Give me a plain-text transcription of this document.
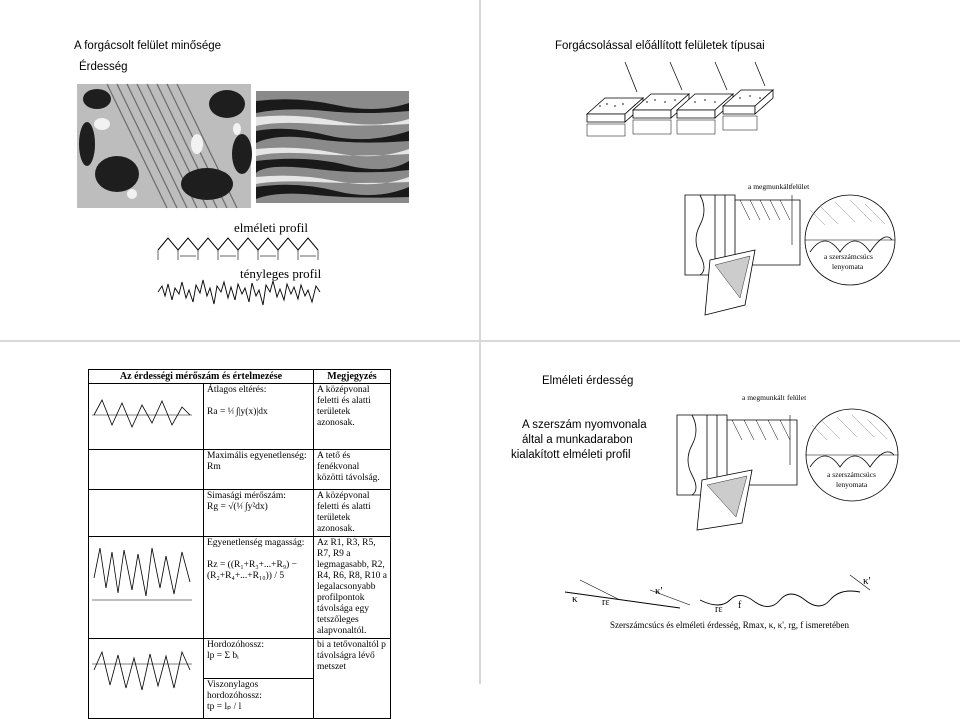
A forgácsolt felület minősége
Érdesség
elméleti profil
tényleges profil
Forgácsolással előállított felületek típusai
a megmunkált felület
a szerszámcsúcs
lenyomata
Az érdességi mérőszám és értelmezése		Megjegyzés
	Átlagos eltérés:

Ra = ¹⁄ₗ ∫|y(x)|dx	A középvonal feletti és alatti területek azonosak.
	Maximális egyenetlenség:
Rm	A tető és fenékvonal közötti távolság.
	Simasági mérőszám:
Rg = √(¹⁄ₗ ∫y²dx)	A középvonal feletti és alatti területek azonosak.
	Egyenetlenség magasság:

Rz = ((R₁+R₃+...+R₉) − (R₂+R₄+...+R₁₀)) / 5	Az R1, R3, R5, R7, R9 a legmagasabb, R2, R4, R6, R8, R10 a legalacsonyabb profilpontok távolsága egy tetszőleges alapvonaltól.
	Hordozóhossz:
lp = Σ bᵢ	bi a tetővonaltól p távolságra lévő metszet
	Viszonylagos hordozóhossz:
tp = lₚ / l	
Elméleti érdesség
A szerszám nyomvonala
által a munkadarabon
kialakított elméleti profil
a megmunkált felület
a szerszámcsúcs
lenyomata
κ rε
κ'
rε f
κ'
Szerszámcsúcs és elméleti érdesség, Rmax, κ, κ', rg, f ismeretében
